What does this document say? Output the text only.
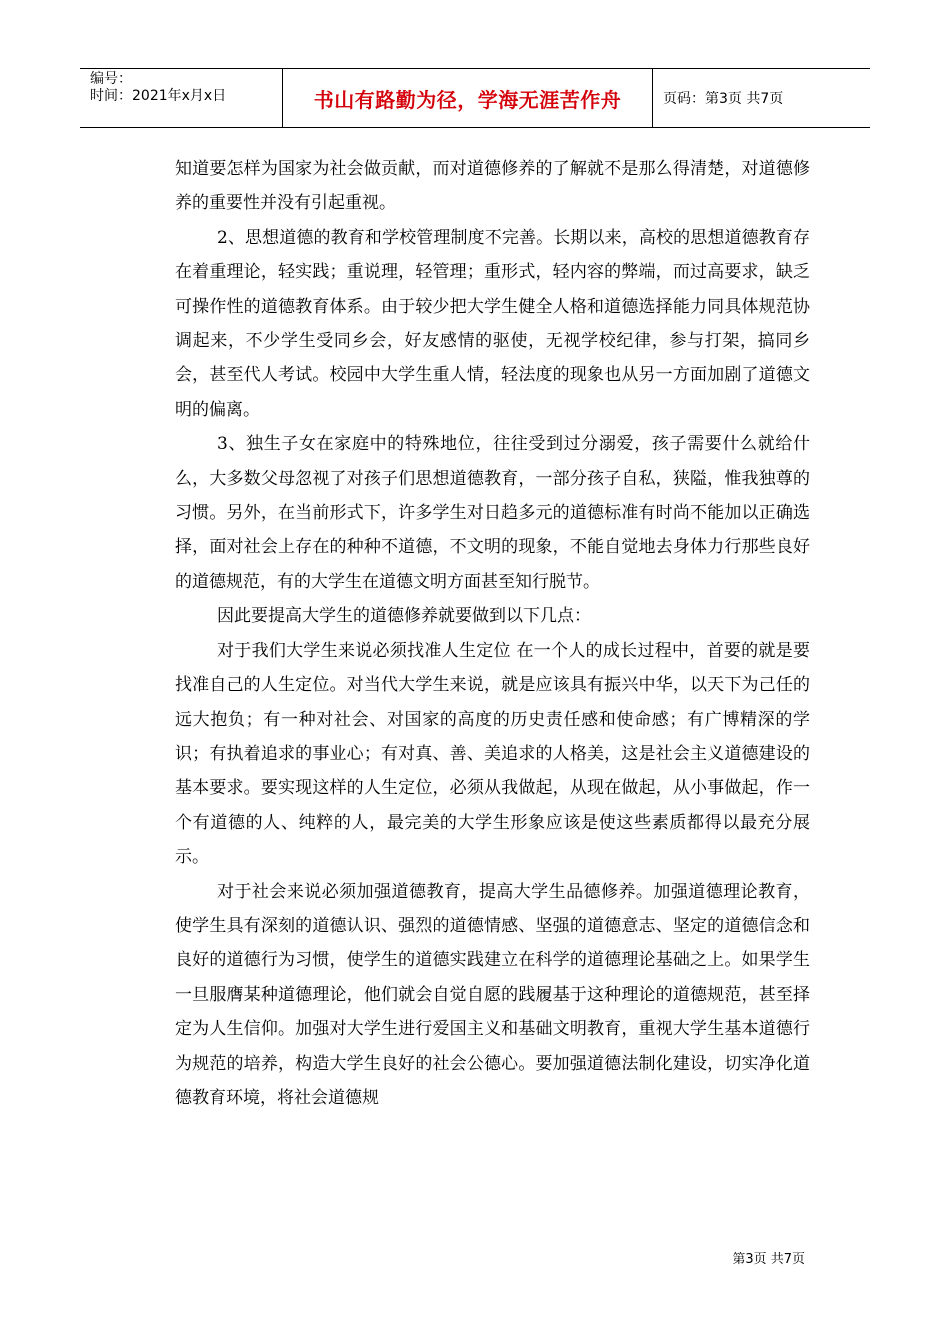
编号：
时间：2021年x月x日	书山有路勤为径，学海无涯苦作舟	页码：第3页 共7页

知道要怎样为国家为社会做贡献，而对道德修养的了解就不是那么得清楚，对道德修养的重要性并没有引起重视。

2、思想道德的教育和学校管理制度不完善。长期以来，高校的思想道德教育存在着重理论，轻实践；重说理，轻管理；重形式，轻内容的弊端，而过高要求，缺乏可操作性的道德教育体系。由于较少把大学生健全人格和道德选择能力同具体规范协调起来，不少学生受同乡会，好友感情的驱使，无视学校纪律，参与打架，搞同乡会，甚至代人考试。校园中大学生重人情，轻法度的现象也从另一方面加剧了道德文明的偏离。

3、独生子女在家庭中的特殊地位，往往受到过分溺爱，孩子需要什么就给什么，大多数父母忽视了对孩子们思想道德教育，一部分孩子自私，狭隘，惟我独尊的习惯。另外，在当前形式下，许多学生对日趋多元的道德标准有时尚不能加以正确选择，面对社会上存在的种种不道德，不文明的现象，不能自觉地去身体力行那些良好的道德规范，有的大学生在道德文明方面甚至知行脱节。

因此要提高大学生的道德修养就要做到以下几点：

对于我们大学生来说必须找准人生定位 在一个人的成长过程中，首要的就是要找准自己的人生定位。对当代大学生来说，就是应该具有振兴中华，以天下为己任的远大抱负；有一种对社会、对国家的高度的历史责任感和使命感；有广博精深的学识；有执着追求的事业心；有对真、善、美追求的人格美，这是社会主义道德建设的基本要求。要实现这样的人生定位，必须从我做起，从现在做起，从小事做起，作一个有道德的人、纯粹的人，最完美的大学生形象应该是使这些素质都得以最充分展示。

对于社会来说必须加强道德教育，提高大学生品德修养。加强道德理论教育，使学生具有深刻的道德认识、强烈的道德情感、坚强的道德意志、坚定的道德信念和良好的道德行为习惯，使学生的道德实践建立在科学的道德理论基础之上。如果学生一旦服膺某种道德理论，他们就会自觉自愿的践履基于这种理论的道德规范，甚至择定为人生信仰。加强对大学生进行爱国主义和基础文明教育，重视大学生基本道德行为规范的培养，构造大学生良好的社会公德心。要加强道德法制化建设，切实净化道德教育环境，将社会道德规

第3页 共7页
